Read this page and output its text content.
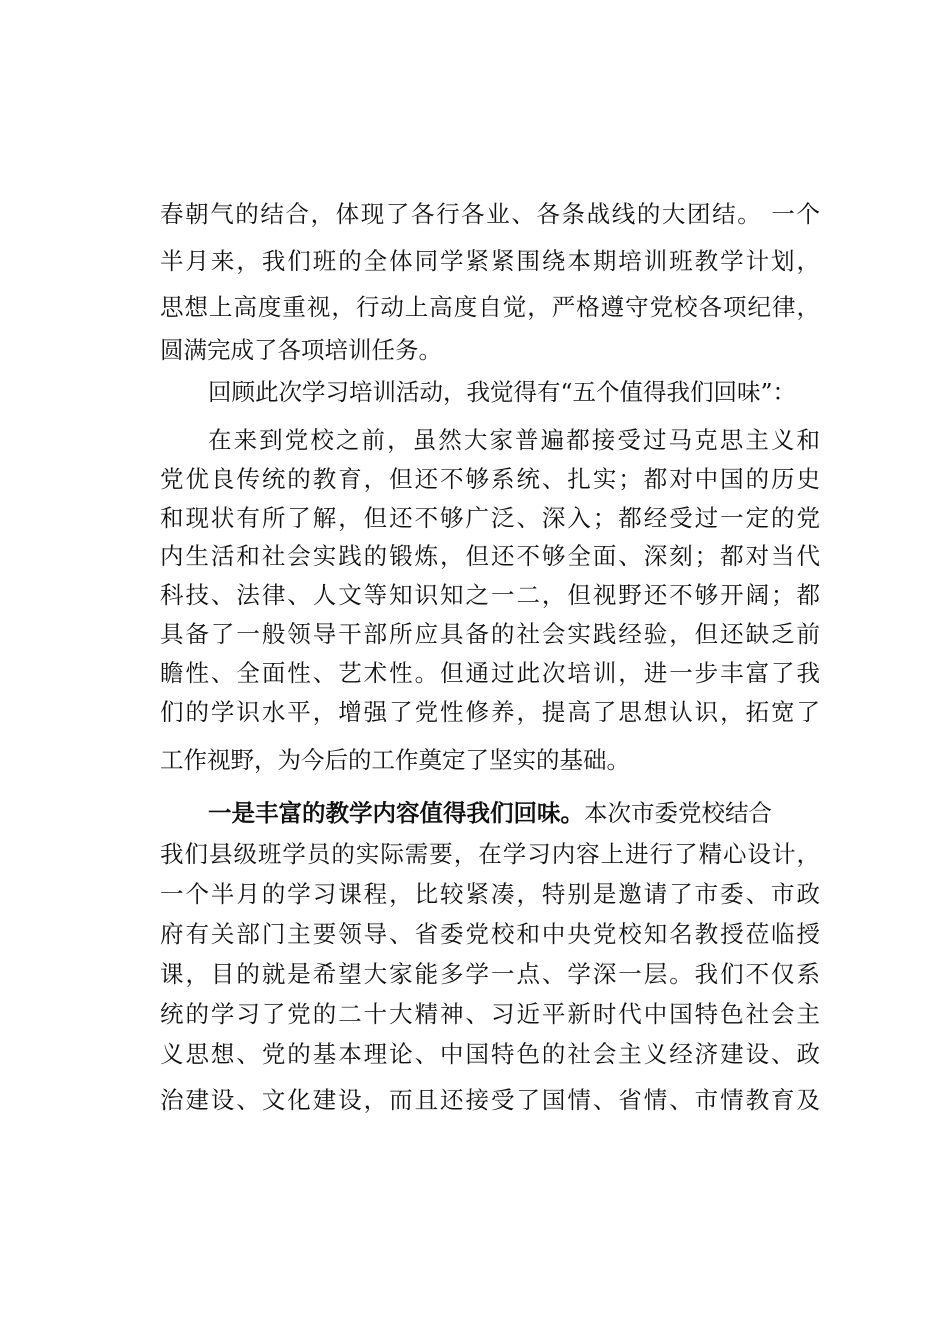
春朝气的结合，体现了各行各业、各条战线的大团结。 一个
半月来，我们班的全体同学紧紧围绕本期培训班教学计划，
思想上高度重视，行动上高度自觉，严格遵守党校各项纪律，
圆满完成了各项培训任务。
回顾此次学习培训活动，我觉得有“五个值得我们回味”：
在来到党校之前，虽然大家普遍都接受过马克思主义和
党优良传统的教育，但还不够系统、扎实；都对中国的历史
和现状有所了解，但还不够广泛、深入；都经受过一定的党
内生活和社会实践的锻炼，但还不够全面、深刻；都对当代
科技、法律、人文等知识知之一二，但视野还不够开阔；都
具备了一般领导干部所应具备的社会实践经验，但还缺乏前
瞻性、全面性、艺术性。但通过此次培训，进一步丰富了我
们的学识水平，增强了党性修养，提高了思想认识，拓宽了
工作视野，为今后的工作奠定了坚实的基础。
一是丰富的教学内容值得我们回味。本次市委党校结合
我们县级班学员的实际需要，在学习内容上进行了精心设计，
一个半月的学习课程，比较紧凑，特别是邀请了市委、市政
府有关部门主要领导、省委党校和中央党校知名教授莅临授
课，目的就是希望大家能多学一点、学深一层。我们不仅系
统的学习了党的二十大精神、习近平新时代中国特色社会主
义思想、党的基本理论、中国特色的社会主义经济建设、政
治建设、文化建设，而且还接受了国情、省情、市情教育及
